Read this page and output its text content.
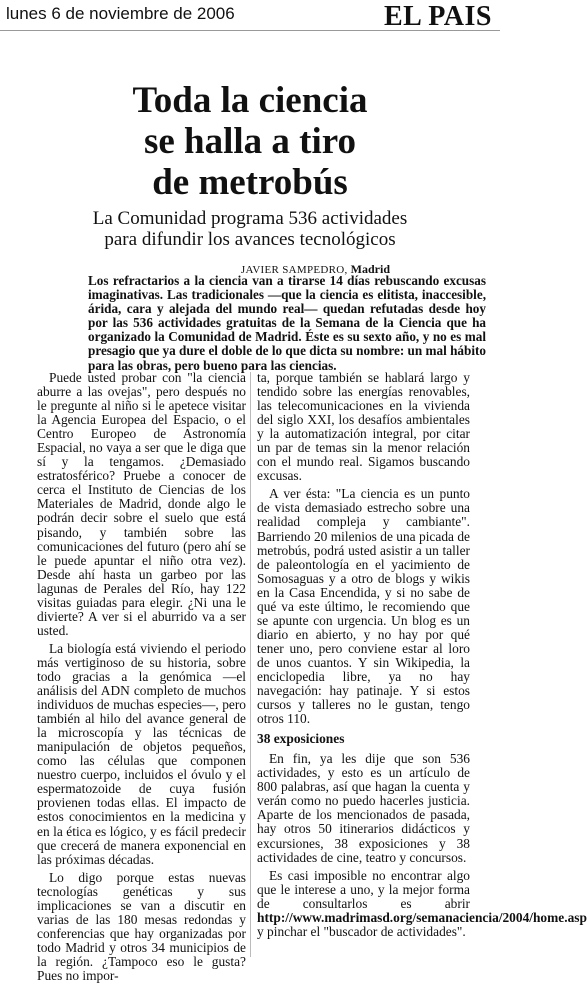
lunes 6 de noviembre de 2006	EL PAIS
Toda la ciencia
se halla a tiro
de metrobús
La Comunidad programa 536 actividades
para difundir los avances tecnológicos
JAVIER SAMPEDRO, Madrid
Los refractarios a la ciencia van a tirarse 14 días rebuscando excusas imaginativas. Las tradicionales —que la ciencia es elitista, inaccesible, árida, cara y alejada del mundo real— quedan refutadas desde hoy por las 536 actividades gratuitas de la Semana de la Ciencia que ha organizado la Comunidad de Madrid. Éste es su sexto año, y no es mal presagio que ya dure el doble de lo que dicta su nombre: un mal hábito para las obras, pero bueno para las ciencias.

Puede usted probar con "la ciencia aburre a las ovejas", pero después no le pregunte al niño si le apetece visitar la Agencia Europea del Espacio, o el Centro Europeo de Astronomía Espacial, no vaya a ser que le diga que sí y la tengamos. ¿Demasiado estratosférico? Pruebe a conocer de cerca el Instituto de Ciencias de los Materiales de Madrid, donde algo le podrán decir sobre el suelo que está pisando, y también sobre las comunicaciones del futuro (pero ahí se le puede apuntar el niño otra vez). Desde ahí hasta un garbeo por las lagunas de Perales del Río, hay 122 visitas guiadas para elegir. ¿Ni una le divierte? A ver si el aburrido va a ser usted.

La biología está viviendo el periodo más vertiginoso de su historia, sobre todo gracias a la genómica —el análisis del ADN completo de muchos individuos de muchas especies—, pero también al hilo del avance general de la microscopía y las técnicas de manipulación de objetos pequeños, como las células que componen nuestro cuerpo, incluidos el óvulo y el espermatozoide de cuya fusión provienen todas ellas. El impacto de estos conocimientos en la medicina y en la ética es lógico, y es fácil predecir que crecerá de manera exponencial en las próximas décadas.

Lo digo porque estas nuevas tecnologías genéticas y sus implicaciones se van a discutir en varias de las 180 mesas redondas y conferencias que hay organizadas por todo Madrid y otros 34 municipios de la región. ¿Tampoco eso le gusta? Pues no impor-

ta, porque también se hablará largo y tendido sobre las energías renovables, las telecomunicaciones en la vivienda del siglo XXI, los desafíos ambientales y la automatización integral, por citar un par de temas sin la menor relación con el mundo real. Sigamos buscando excusas.

A ver ésta: "La ciencia es un punto de vista demasiado estrecho sobre una realidad compleja y cambiante". Barriendo 20 milenios de una picada de metrobús, podrá usted asistir a un taller de paleontología en el yacimiento de Somosaguas y a otro de blogs y wikis en la Casa Encendida, y si no sabe de qué va este último, le recomiendo que se apunte con urgencia. Un blog es un diario en abierto, y no hay por qué tener uno, pero conviene estar al loro de unos cuantos. Y sin Wikipedia, la enciclopedia libre, ya no hay navegación: hay patinaje. Y si estos cursos y talleres no le gustan, tengo otros 110.

38 exposiciones

En fin, ya les dije que son 536 actividades, y esto es un artículo de 800 palabras, así que hagan la cuenta y verán como no puedo hacerles justicia. Aparte de los mencionados de pasada, hay otros 50 itinerarios didácticos y excursiones, 38 exposiciones y 38 actividades de cine, teatro y concursos.

Es casi imposible no encontrar algo que le interese a uno, y la mejor forma de consultarlos es abrir http://www.madrimasd.org/semanaciencia/2004/home.asp y pinchar el "buscador de actividades".
